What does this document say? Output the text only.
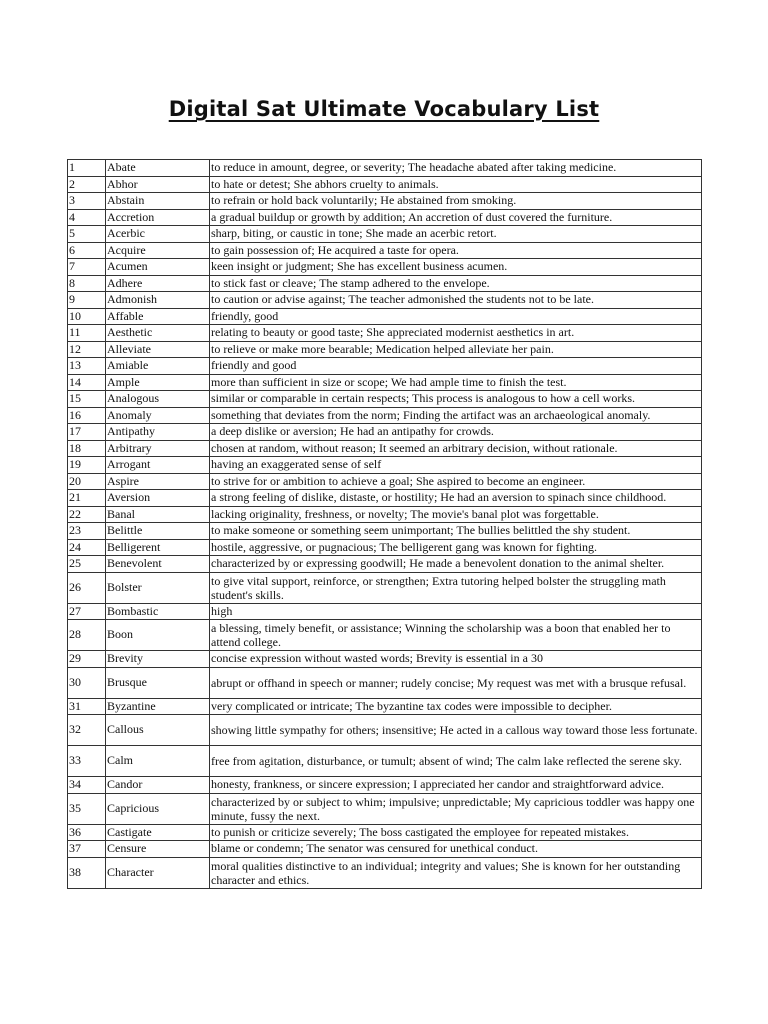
Digital Sat Ultimate Vocabulary List
1	Abate	to reduce in amount, degree, or severity; The headache abated after taking medicine.
2	Abhor	to hate or detest; She abhors cruelty to animals.
3	Abstain	to refrain or hold back voluntarily; He abstained from smoking.
4	Accretion	a gradual buildup or growth by addition; An accretion of dust covered the furniture.
5	Acerbic	sharp, biting, or caustic in tone; She made an acerbic retort.
6	Acquire	to gain possession of; He acquired a taste for opera.
7	Acumen	keen insight or judgment; She has excellent business acumen.
8	Adhere	to stick fast or cleave; The stamp adhered to the envelope.
9	Admonish	to caution or advise against; The teacher admonished the students not to be late.
10	Affable	friendly, good
11	Aesthetic	relating to beauty or good taste; She appreciated modernist aesthetics in art.
12	Alleviate	to relieve or make more bearable; Medication helped alleviate her pain.
13	Amiable	friendly and good
14	Ample	more than sufficient in size or scope; We had ample time to finish the test.
15	Analogous	similar or comparable in certain respects; This process is analogous to how a cell works.
16	Anomaly	something that deviates from the norm; Finding the artifact was an archaeological anomaly.
17	Antipathy	a deep dislike or aversion; He had an antipathy for crowds.
18	Arbitrary	chosen at random, without reason; It seemed an arbitrary decision, without rationale.
19	Arrogant	having an exaggerated sense of self
20	Aspire	to strive for or ambition to achieve a goal; She aspired to become an engineer.
21	Aversion	a strong feeling of dislike, distaste, or hostility; He had an aversion to spinach since childhood.
22	Banal	lacking originality, freshness, or novelty; The movie's banal plot was forgettable.
23	Belittle	to make someone or something seem unimportant; The bullies belittled the shy student.
24	Belligerent	hostile, aggressive, or pugnacious; The belligerent gang was known for fighting.
25	Benevolent	characterized by or expressing goodwill; He made a benevolent donation to the animal shelter.
26	Bolster	to give vital support, reinforce, or strengthen; Extra tutoring helped bolster the struggling math student's skills.
27	Bombastic	high
28	Boon	a blessing, timely benefit, or assistance; Winning the scholarship was a boon that enabled her to attend college.
29	Brevity	concise expression without wasted words; Brevity is essential in a 30
30	Brusque	abrupt or offhand in speech or manner; rudely concise; My request was met with a brusque refusal.
31	Byzantine	very complicated or intricate; The byzantine tax codes were impossible to decipher.
32	Callous	showing little sympathy for others; insensitive; He acted in a callous way toward those less fortunate.
33	Calm	free from agitation, disturbance, or tumult; absent of wind; The calm lake reflected the serene sky.
34	Candor	honesty, frankness, or sincere expression; I appreciated her candor and straightforward advice.
35	Capricious	characterized by or subject to whim; impulsive; unpredictable; My capricious toddler was happy one minute, fussy the next.
36	Castigate	to punish or criticize severely; The boss castigated the employee for repeated mistakes.
37	Censure	blame or condemn; The senator was censured for unethical conduct.
38	Character	moral qualities distinctive to an individual; integrity and values; She is known for her outstanding character and ethics.
